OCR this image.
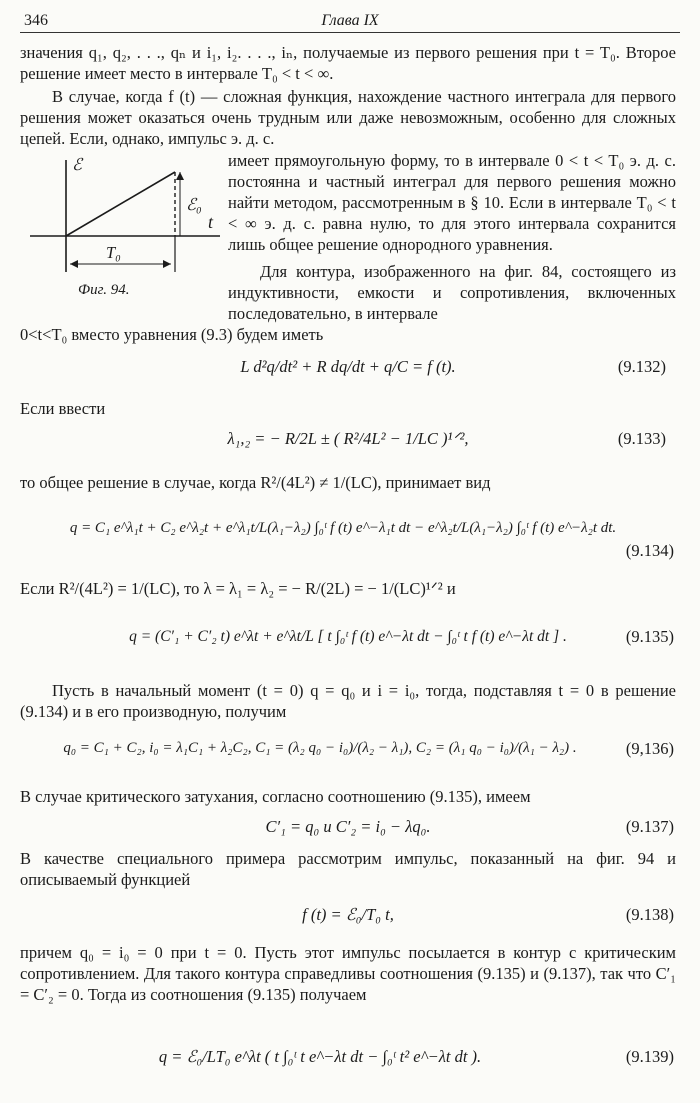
346	Глава IX
значения q₁, q₂, . . ., qₙ и i₁, i₂. . . ., iₙ, получаемые из первого решения при t = T₀. Второе решение имеет место в интервале T₀ < t < ∞.
В случае, когда f (t) — сложная функция, нахождение частного интеграла для первого решения может оказаться очень трудным или даже невозможным, особенно для сложных цепей. Если, однако, импульс э. д. с.
ℰ
ℰ₀
t
T₀
Фиг. 94.
имеет прямоугольную форму, то в интервале 0 < t < T₀ э. д. с. постоянна и частный интеграл для первого решения можно найти методом, рассмотренным в § 10. Если в интервале T₀ < t < ∞ э. д. с. равна нулю, то для этого интервала сохранится лишь общее решение однородного уравнения.
Для контура, изображенного на фиг. 84, состоящего из индуктивности, емкости и сопротивления, включенных последовательно, в интервале
0<t<T₀ вместо уравнения (9.3) будем иметь
L d²q/dt² + R dq/dt + q/C = f (t).	(9.132)
Если ввести
λ₁,₂ = − R/2L ± ( R²/4L² − 1/LC )¹ᐟ²,	(9.133)
то общее решение в случае, когда R²/(4L²) ≠ 1/(LC), принимает вид
q = C₁ e^λ₁t + C₂ e^λ₂t + e^λ₁t/L(λ₁−λ₂) ∫₀ᵗ f (t) e^−λ₁t dt − e^λ₂t/L(λ₁−λ₂) ∫₀ᵗ f (t) e^−λ₂t dt.
(9.134)
Если R²/(4L²) = 1/(LC), то λ = λ₁ = λ₂ = − R/(2L) = − 1/(LC)¹ᐟ² и
q = (C′₁ + C′₂ t) e^λt + e^λt/L [ t ∫₀ᵗ f (t) e^−λt dt − ∫₀ᵗ t f (t) e^−λt dt ] .	(9.135)
Пусть в начальный момент (t = 0) q = q₀ и i = i₀, тогда, подставляя t = 0 в решение (9.134) и в его производную, получим
q₀ = C₁ + C₂, i₀ = λ₁C₁ + λ₂C₂, C₁ = (λ₂ q₀ − i₀)/(λ₂ − λ₁), C₂ = (λ₁ q₀ − i₀)/(λ₁ − λ₂) .	(9,136)
В случае критического затухания, согласно соотношению (9.135), имеем
C′₁ = q₀ и C′₂ = i₀ − λq₀.	(9.137)
В качестве специального примера рассмотрим импульс, показанный на фиг. 94 и описываемый функцией
f (t) = ℰ₀/T₀ t,	(9.138)
причем q₀ = i₀ = 0 при t = 0. Пусть этот импульс посылается в контур с критическим сопротивлением. Для такого контура справедливы соотношения (9.135) и (9.137), так что C′₁ = C′₂ = 0. Тогда из соотношения (9.135) получаем
q = ℰ₀/LT₀ e^λt ( t ∫₀ᵗ t e^−λt dt − ∫₀ᵗ t² e^−λt dt ).	(9.139)
